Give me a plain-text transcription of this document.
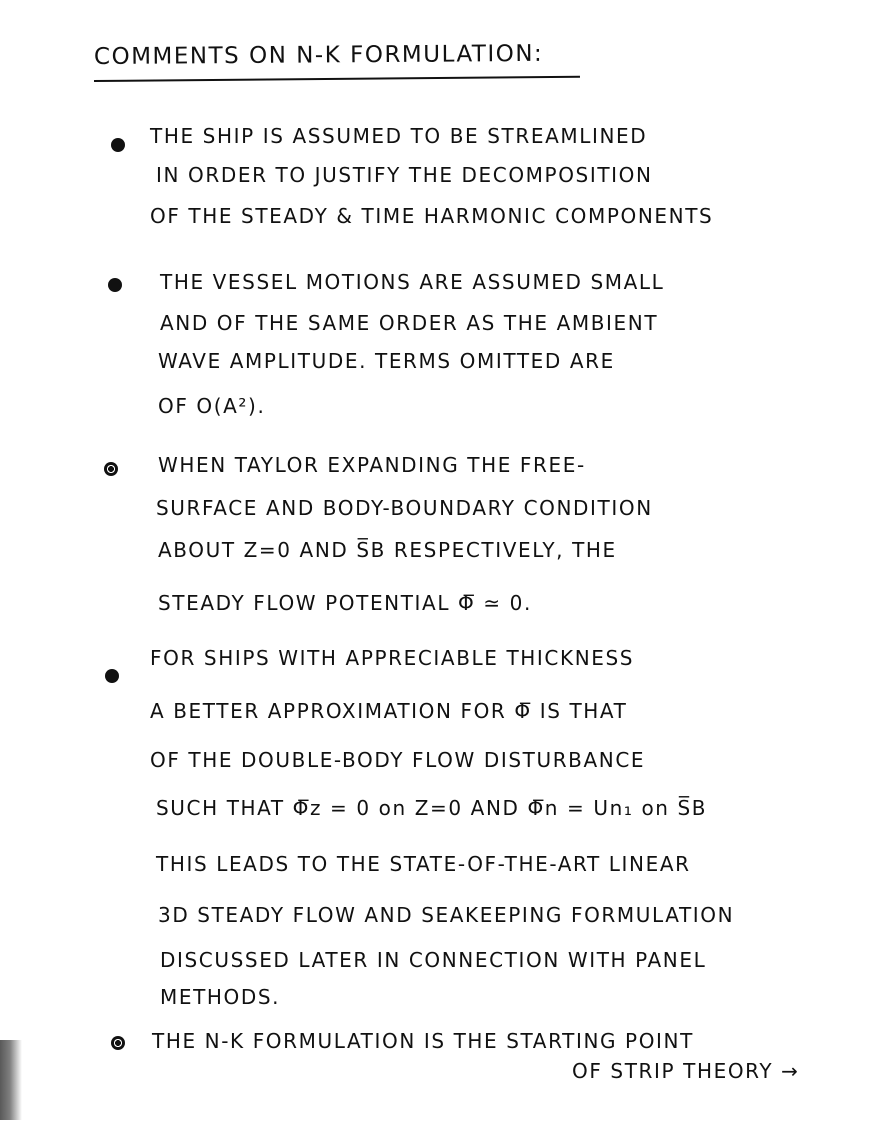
COMMENTS ON N-K FORMULATION:
THE SHIP IS ASSUMED TO BE STREAMLINED
IN ORDER TO JUSTIFY THE DECOMPOSITION
OF THE STEADY & TIME HARMONIC COMPONENTS
THE VESSEL MOTIONS ARE ASSUMED SMALL
AND OF THE SAME ORDER AS THE AMBIENT
WAVE AMPLITUDE. TERMS OMITTED ARE
OF O(A²).
WHEN TAYLOR EXPANDING THE FREE-
SURFACE AND BODY-BOUNDARY CONDITION
ABOUT Z=0 AND S̅B RESPECTIVELY, THE
STEADY FLOW POTENTIAL Φ̅ ≃ 0.
FOR SHIPS WITH APPRECIABLE THICKNESS
A BETTER APPROXIMATION FOR Φ̅ IS THAT
OF THE DOUBLE-BODY FLOW DISTURBANCE
SUCH THAT Φ̅z = 0 on Z=0 AND Φ̅n = Un₁ on S̅B
THIS LEADS TO THE STATE-OF-THE-ART LINEAR
3D STEADY FLOW AND SEAKEEPING FORMULATION
DISCUSSED LATER IN CONNECTION WITH PANEL
METHODS.
THE N-K FORMULATION IS THE STARTING POINT
OF STRIP THEORY →
